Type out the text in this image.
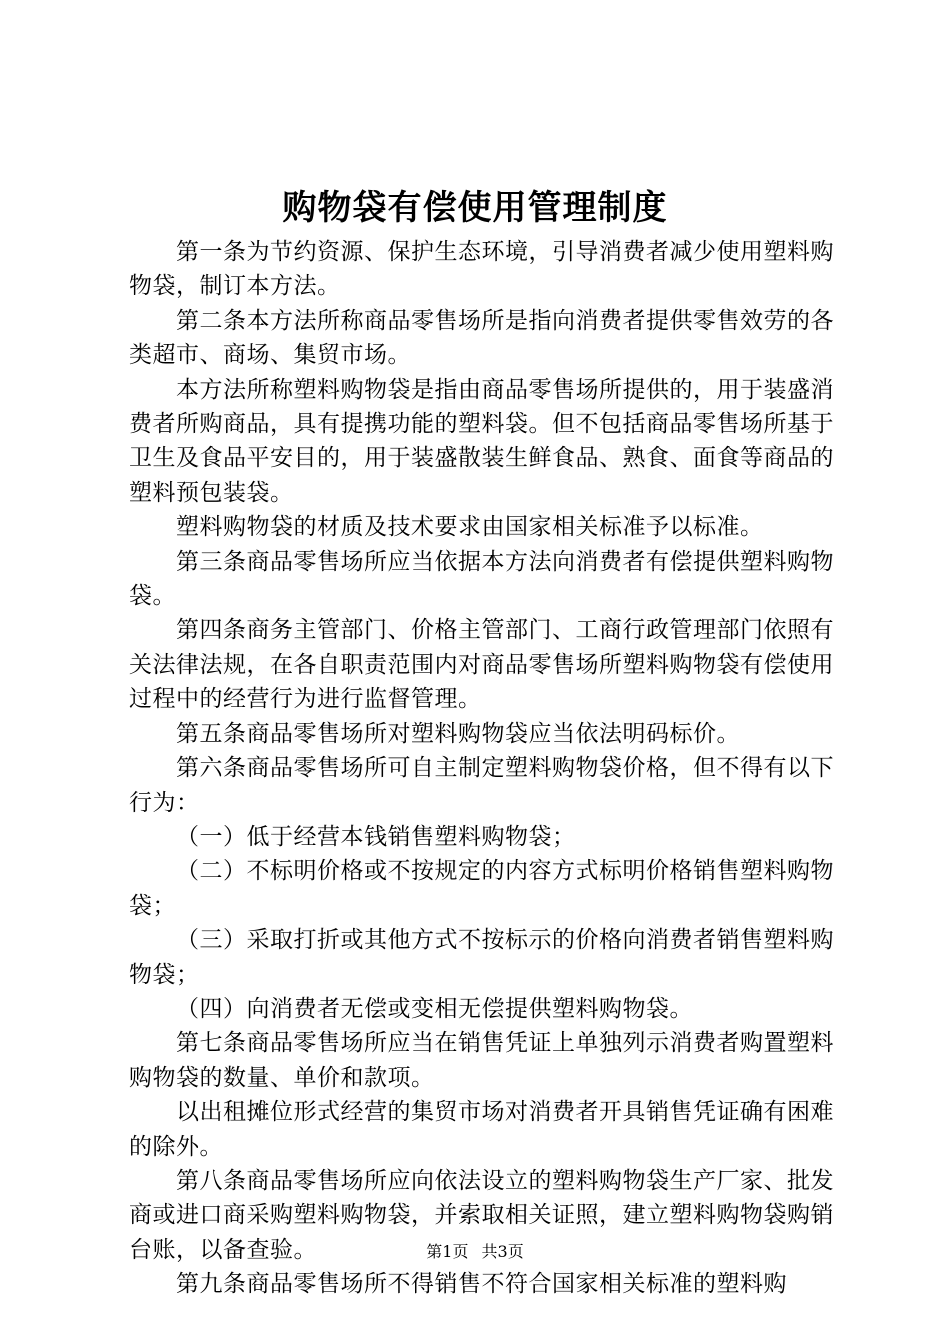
购物袋有偿使用管理制度

第一条为节约资源、保护生态环境，引导消费者减少使用塑料购物袋，制订本方法。

第二条本方法所称商品零售场所是指向消费者提供零售效劳的各类超市、商场、集贸市场。

本方法所称塑料购物袋是指由商品零售场所提供的，用于装盛消费者所购商品，具有提携功能的塑料袋。但不包括商品零售场所基于卫生及食品平安目的，用于装盛散装生鲜食品、熟食、面食等商品的塑料预包装袋。

塑料购物袋的材质及技术要求由国家相关标准予以标准。

第三条商品零售场所应当依据本方法向消费者有偿提供塑料购物袋。

第四条商务主管部门、价格主管部门、工商行政管理部门依照有关法律法规，在各自职责范围内对商品零售场所塑料购物袋有偿使用过程中的经营行为进行监督管理。

第五条商品零售场所对塑料购物袋应当依法明码标价。

第六条商品零售场所可自主制定塑料购物袋价格，但不得有以下行为：

（一）低于经营本钱销售塑料购物袋；

（二）不标明价格或不按规定的内容方式标明价格销售塑料购物袋；

（三）采取打折或其他方式不按标示的价格向消费者销售塑料购物袋；

（四）向消费者无偿或变相无偿提供塑料购物袋。

第七条商品零售场所应当在销售凭证上单独列示消费者购置塑料购物袋的数量、单价和款项。

以出租摊位形式经营的集贸市场对消费者开具销售凭证确有困难的除外。

第八条商品零售场所应向依法设立的塑料购物袋生产厂家、批发商或进口商采购塑料购物袋，并索取相关证照，建立塑料购物袋购销台账，以备查验。

第九条商品零售场所不得销售不符合国家相关标准的塑料购

第1页 共3页
